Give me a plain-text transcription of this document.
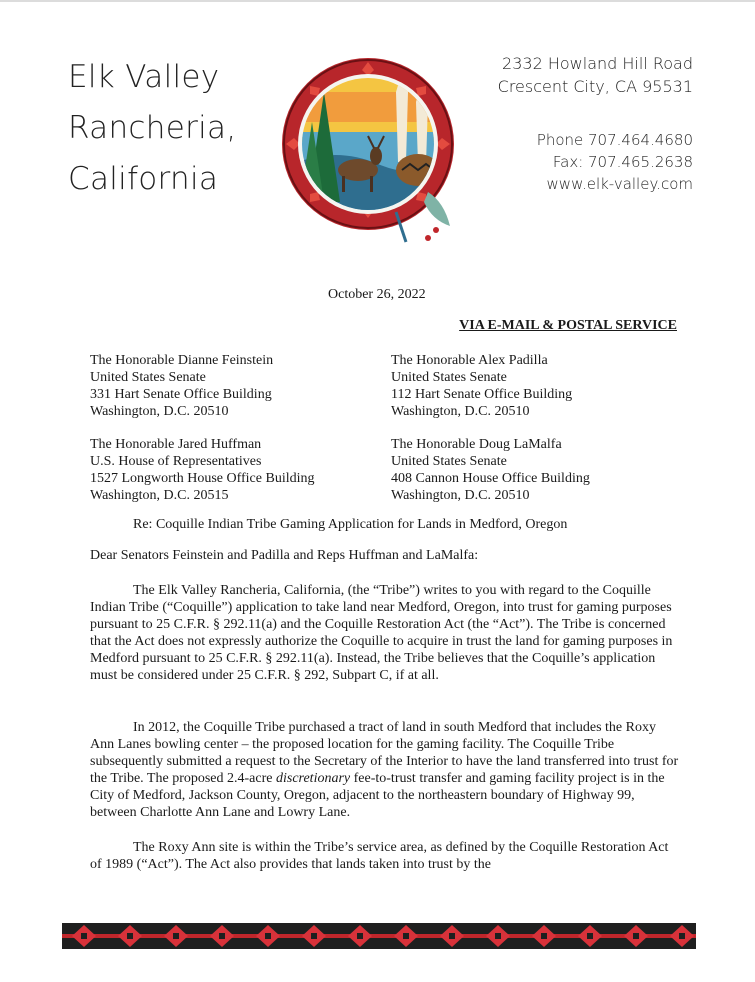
Elk Valley
Rancheria,
California
2332 Howland Hill Road
Crescent City, CA 95531
Phone 707.464.4680
Fax: 707.465.2638
www.elk-valley.com
October 26, 2022
VIA E-MAIL & POSTAL SERVICE
The Honorable Dianne Feinstein
United States Senate
331 Hart Senate Office Building
Washington, D.C. 20510
The Honorable Alex Padilla
United States Senate
112 Hart Senate Office Building
Washington, D.C. 20510
The Honorable Jared Huffman
U.S. House of Representatives
1527 Longworth House Office Building
Washington, D.C. 20515
The Honorable Doug LaMalfa
United States Senate
408 Cannon House Office Building
Washington, D.C. 20510
Re: Coquille Indian Tribe Gaming Application for Lands in Medford, Oregon
Dear Senators Feinstein and Padilla and Reps Huffman and LaMalfa:

The Elk Valley Rancheria, California, (the “Tribe”) writes to you with regard to the Coquille Indian Tribe (“Coquille”) application to take land near Medford, Oregon, into trust for gaming purposes pursuant to 25 C.F.R. § 292.11(a) and the Coquille Restoration Act (the “Act”). The Tribe is concerned that the Act does not expressly authorize the Coquille to acquire in trust the land for gaming purposes in Medford pursuant to 25 C.F.R. § 292.11(a). Instead, the Tribe believes that the Coquille’s application must be considered under 25 C.F.R. § 292, Subpart C, if at all.

In 2012, the Coquille Tribe purchased a tract of land in south Medford that includes the Roxy Ann Lanes bowling center – the proposed location for the gaming facility. The Coquille Tribe subsequently submitted a request to the Secretary of the Interior to have the land transferred into trust for the Tribe. The proposed 2.4-acre discretionary fee-to-trust transfer and gaming facility project is in the City of Medford, Jackson County, Oregon, adjacent to the northeastern boundary of Highway 99, between Charlotte Ann Lane and Lowry Lane.

The Roxy Ann site is within the Tribe’s service area, as defined by the Coquille Restoration Act of 1989 (“Act”). The Act also provides that lands taken into trust by the
